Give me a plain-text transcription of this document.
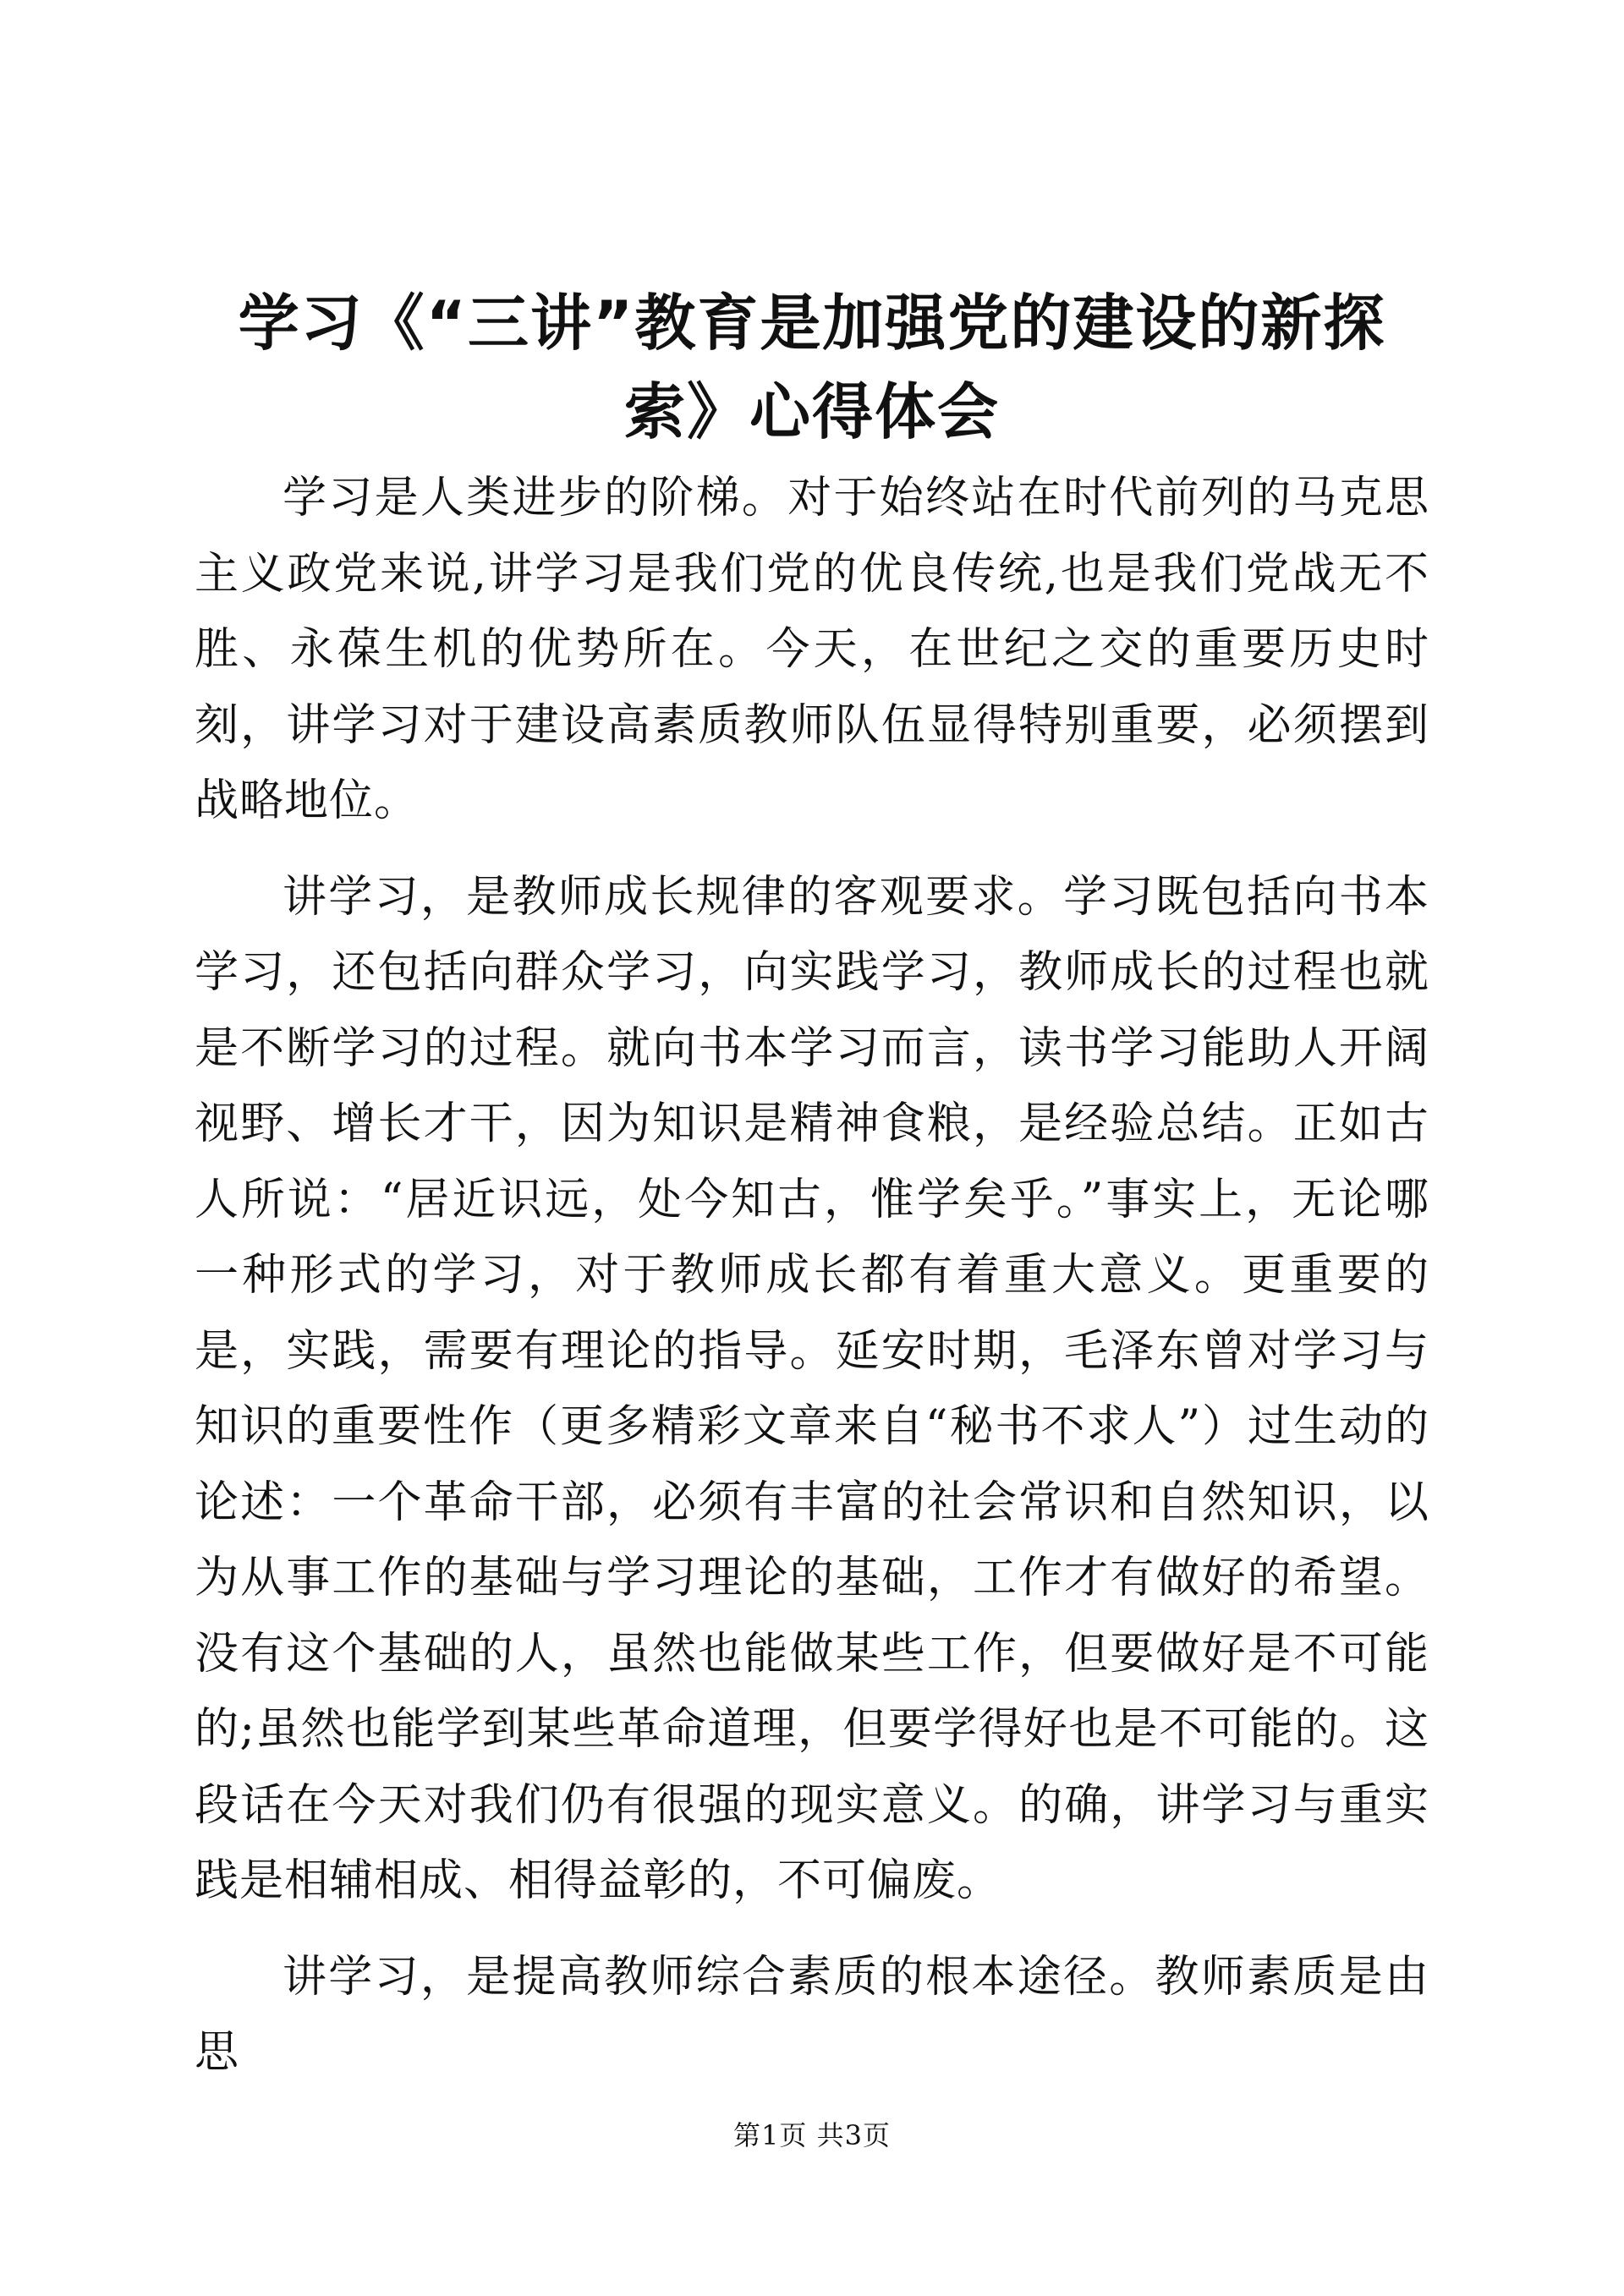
学习《“三讲”教育是加强党的建设的新探
索》心得体会

学习是人类进步的阶梯。对于始终站在时代前列的马克思主义政党来说,讲学习是我们党的优良传统,也是我们党战无不胜、永葆生机的优势所在。今天，在世纪之交的重要历史时刻，讲学习对于建设高素质教师队伍显得特别重要，必须摆到战略地位。

讲学习，是教师成长规律的客观要求。学习既包括向书本学习，还包括向群众学习，向实践学习，教师成长的过程也就是不断学习的过程。就向书本学习而言，读书学习能助人开阔视野、增长才干，因为知识是精神食粮，是经验总结。正如古人所说：“居近识远，处今知古，惟学矣乎。”事实上，无论哪一种形式的学习，对于教师成长都有着重大意义。更重要的是，实践，需要有理论的指导。延安时期，毛泽东曾对学习与知识的重要性作（更多精彩文章来自“秘书不求人”）过生动的论述：一个革命干部，必须有丰富的社会常识和自然知识，以为从事工作的基础与学习理论的基础，工作才有做好的希望。没有这个基础的人，虽然也能做某些工作，但要做好是不可能的;虽然也能学到某些革命道理，但要学得好也是不可能的。这段话在今天对我们仍有很强的现实意义。的确，讲学习与重实践是相辅相成、相得益彰的，不可偏废。

讲学习，是提高教师综合素质的根本途径。教师素质是由思

第1页 共3页
